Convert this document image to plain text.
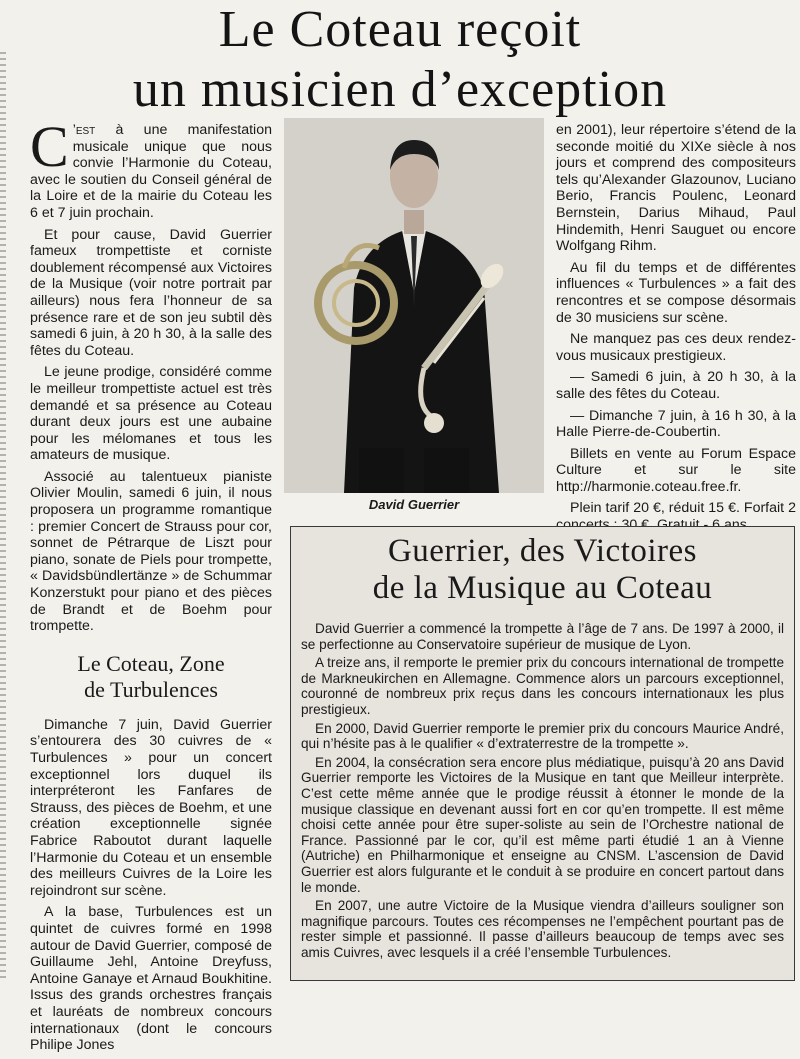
Le Coteau reçoit
un musicien d’exception

C ’est à une manifestation musicale unique que nous convie l’Harmonie du Coteau, avec le soutien du Conseil général de la Loire et de la mairie du Coteau les 6 et 7 juin prochain.

Et pour cause, David Guerrier fameux trompettiste et corniste doublement récompensé aux Victoires de la Musique (voir notre portrait par ailleurs) nous fera l’honneur de sa présence rare et de son jeu subtil dès samedi 6 juin, à 20 h 30, à la salle des fêtes du Coteau.

Le jeune prodige, considéré comme le meilleur trompettiste actuel est très demandé et sa présence au Coteau durant deux jours est une aubaine pour les mélomanes et tous les amateurs de musique.

Associé au talentueux pianiste Olivier Moulin, samedi 6 juin, il nous proposera un programme romantique : premier Concert de Strauss pour cor, sonnet de Pétrarque de Liszt pour piano, sonate de Piels pour trompette, « Davidsbündlertänze » de Schummar Konzerstukt pour piano et des pièces de Brandt et de Boehm pour trompette.

Le Coteau, Zone
de Turbulences

Dimanche 7 juin, David Guerrier s’entourera des 30 cuivres de « Turbulences » pour un concert exceptionnel lors duquel ils interpréteront les Fanfares de Strauss, des pièces de Boehm, et une création exceptionnelle signée Fabrice Raboutot durant laquelle l’Harmonie du Coteau et un ensemble des meilleurs Cuivres de la Loire les rejoindront sur scène.

A la base, Turbulences est un quintet de cuivres formé en 1998 autour de David Guerrier, composé de Guillaume Jehl, Antoine Dreyfuss, Antoine Ganaye et Arnaud Boukhitine. Issus des grands orchestres français et lauréats de nombreux concours internationaux (dont le concours Philipe Jones

David Guerrier

en 2001), leur répertoire s’étend de la seconde moitié du XIXe siècle à nos jours et comprend des compositeurs tels qu’Alexander Glazounov, Luciano Berio, Francis Poulenc, Leonard Bernstein, Darius Mihaud, Paul Hindemith, Henri Sauguet ou encore Wolfgang Rihm.

Au fil du temps et de différentes influences « Turbulences » a fait des rencontres et se compose désormais de 30 musiciens sur scène.

Ne manquez pas ces deux rendez-vous musicaux prestigieux.

— Samedi 6 juin, à 20 h 30, à la salle des fêtes du Coteau.

— Dimanche 7 juin, à 16 h 30, à la Halle Pierre-de-Coubertin.

Billets en vente au Forum Espace Culture et sur le site http://harmonie.coteau.free.fr.

Plein tarif 20 €, réduit 15 €. Forfait 2

Guerrier, des Victoires
de la Musique au Coteau

David Guerrier a commencé la trompette à l’âge de 7 ans. De 1997 à 2000, il se perfectionne au Conservatoire supérieur de musique de Lyon.

A treize ans, il remporte le premier prix du concours international de trompette de Markneukirchen en Allemagne. Commence alors un parcours exceptionnel, couronné de nombreux prix reçus dans les concours internationaux les plus prestigieux.

En 2000, David Guerrier remporte le premier prix du concours Maurice André, qui n’hésite pas à le qualifier « d’extraterrestre de la trompette ».

En 2004, la consécration sera encore plus médiatique, puisqu’à 20 ans David Guerrier remporte les Victoires de la Musique en tant que Meilleur interprète. C’est cette même année que le prodige réussit à étonner le monde de la musique classique en devenant aussi fort en cor qu’en trompette. Il est même choisi cette année pour être super-soliste au sein de l’Orchestre national de France. Passionné par le cor, qu’il est même parti étudié 1 an à Vienne (Autriche) en Philharmonique et enseigne au CNSM. L’ascension de David Guerrier est alors fulgurante et le conduit à se produire en concert partout dans le monde.

En 2007, une autre Victoire de la Musique viendra d’ailleurs souligner son magnifique parcours. Toutes ces récompenses ne l’empêchent pourtant pas de rester simple et passionné. Il passe d’ailleurs beaucoup de temps avec ses amis Cuivres, avec lesquels il a créé l’ensemble Turbulences.
